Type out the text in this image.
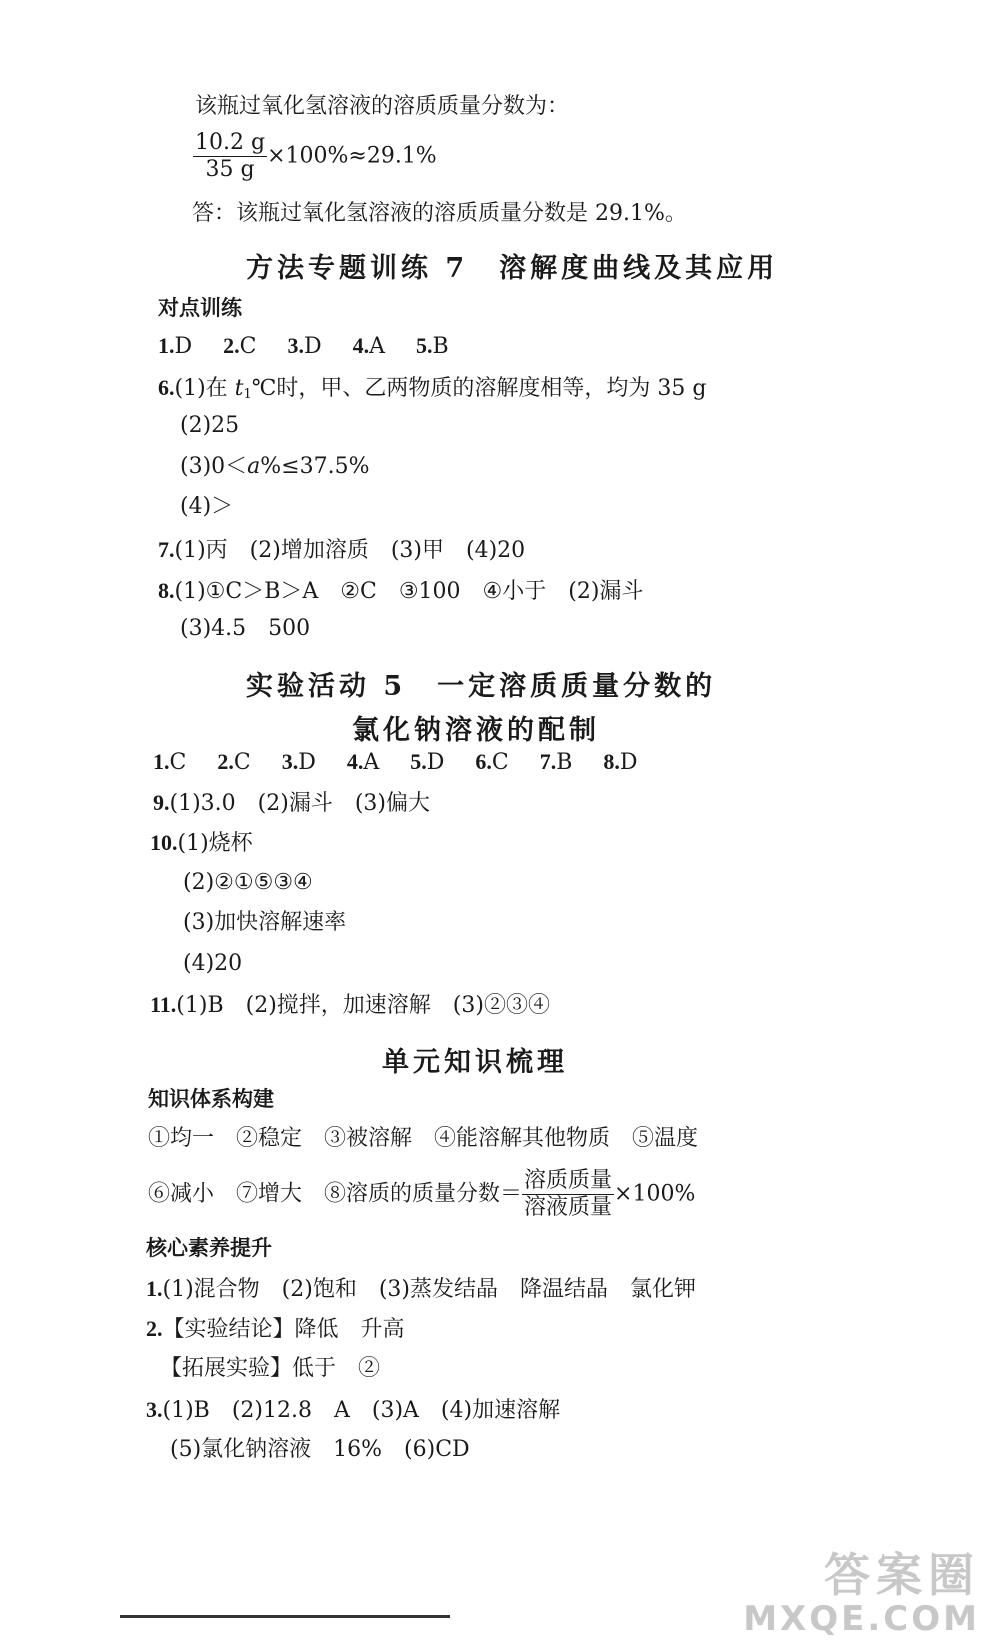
该瓶过氧化氢溶液的溶质质量分数为：
$\frac{10.2 g}{35 g} \times 100\%\approx 29.1\%$
答：该瓶过氧化氢溶液的溶质质量分数是 29.1%。
方法专题训练 7　溶解度曲线及其应用
对点训练
1.D 2.C 3.D 4.A 5.B
6.(1)在 t1℃时，甲、乙两物质的溶解度相等，均为 35 g
(2)25
(3)0＜a%≤37.5%
(4)＞
7.(1)丙　(2)增加溶质　(3)甲　(4)20
8.(1)①C＞B＞A　②C　③100　④小于　(2)漏斗
(3)4.5　500
实验活动 5　一定溶质质量分数的
氯化钠溶液的配制
1.C 2.C 3.D 4.A 5.D 6.C 7.B 8.D
9.(1)3.0　(2)漏斗　(3)偏大
10.(1)烧杯
(2)②①⑤③④
(3)加快溶解速率
(4)20
11.(1)B　(2)搅拌，加速溶解　(3)②③④
单元知识梳理
知识体系构建
①均一　②稳定　③被溶解　④能溶解其他物质　⑤温度
⑥减小　⑦增大　⑧溶质的质量分数＝ $\frac{\text{溶质质量}}{\text{溶液质量}} \times 100\%$
核心素养提升
1.(1)混合物　(2)饱和　(3)蒸发结晶　降温结晶　氯化钾
2.【实验结论】降低　升高
【拓展实验】低于　②
3.(1)B　(2)12.8　A　(3)A　(4)加速溶解
(5)氯化钠溶液　16%　(6)CD
答案圈
MXQE.COM
